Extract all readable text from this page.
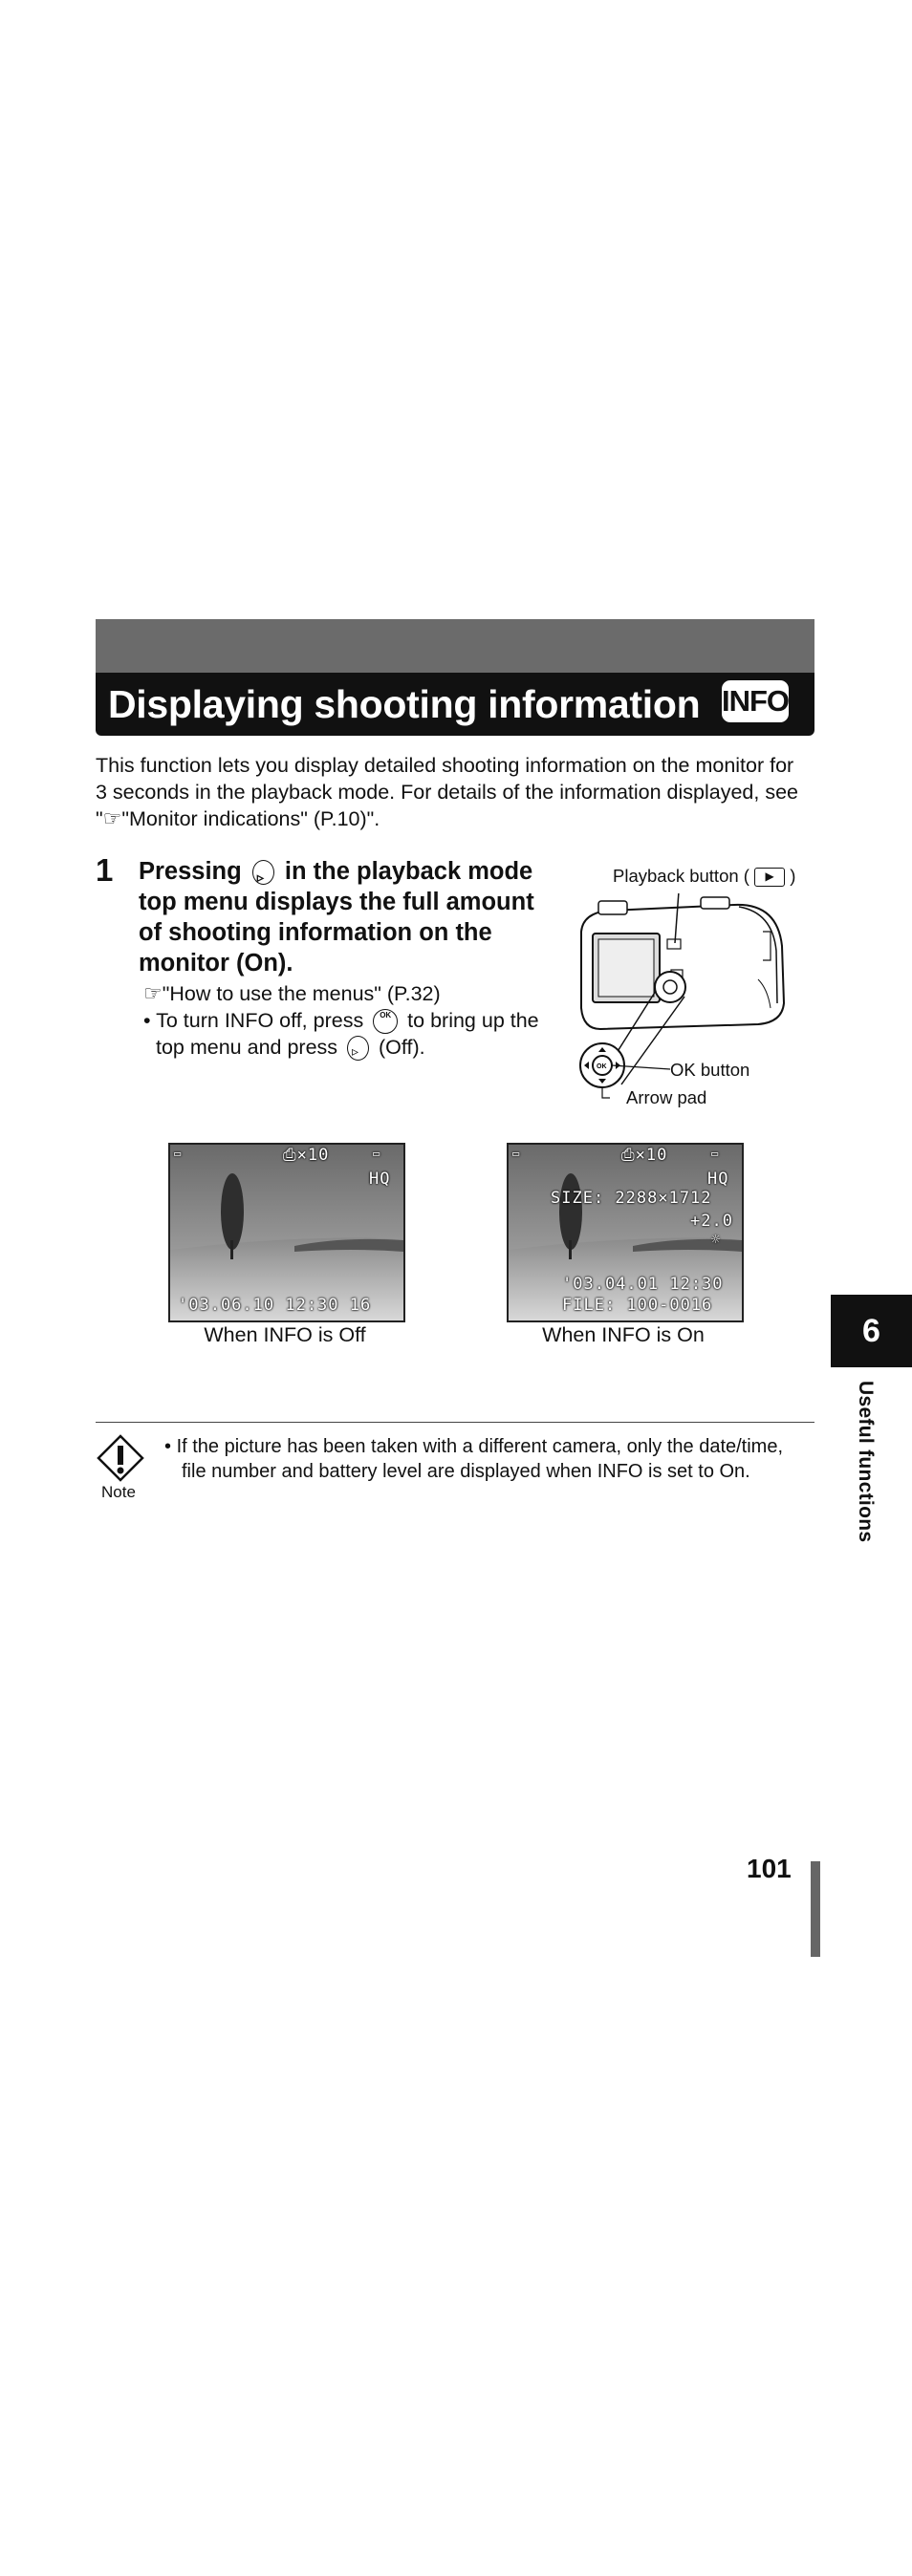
Displaying shooting information INFO
This function lets you display detailed shooting information on the monitor for
3 seconds in the playback mode. For details of the information displayed, see
"☞"Monitor indications" (P.10)".
1 Pressing ▹ in the playback mode
top menu displays the full amount
of shooting information on the
monitor (On).
☞"How to use the menus" (P.32)
• To turn INFO off, press OK to bring up the
top menu and press ▹ (Off).
Playback button ( ▶ )
OK	OK button
Arrow pad
▭	⎙×10	▭
HQ
'03.06.10 12:30 16
When INFO is Off
▭	⎙×10	▭
HQ
SIZE: 2288×1712
+2.0
☼
'03.04.01 12:30
FILE: 100-0016
When INFO is On
Note
• If the picture has been taken with a different camera, only the date/time,
file number and battery level are displayed when INFO is set to On.
6
Useful functions
101
